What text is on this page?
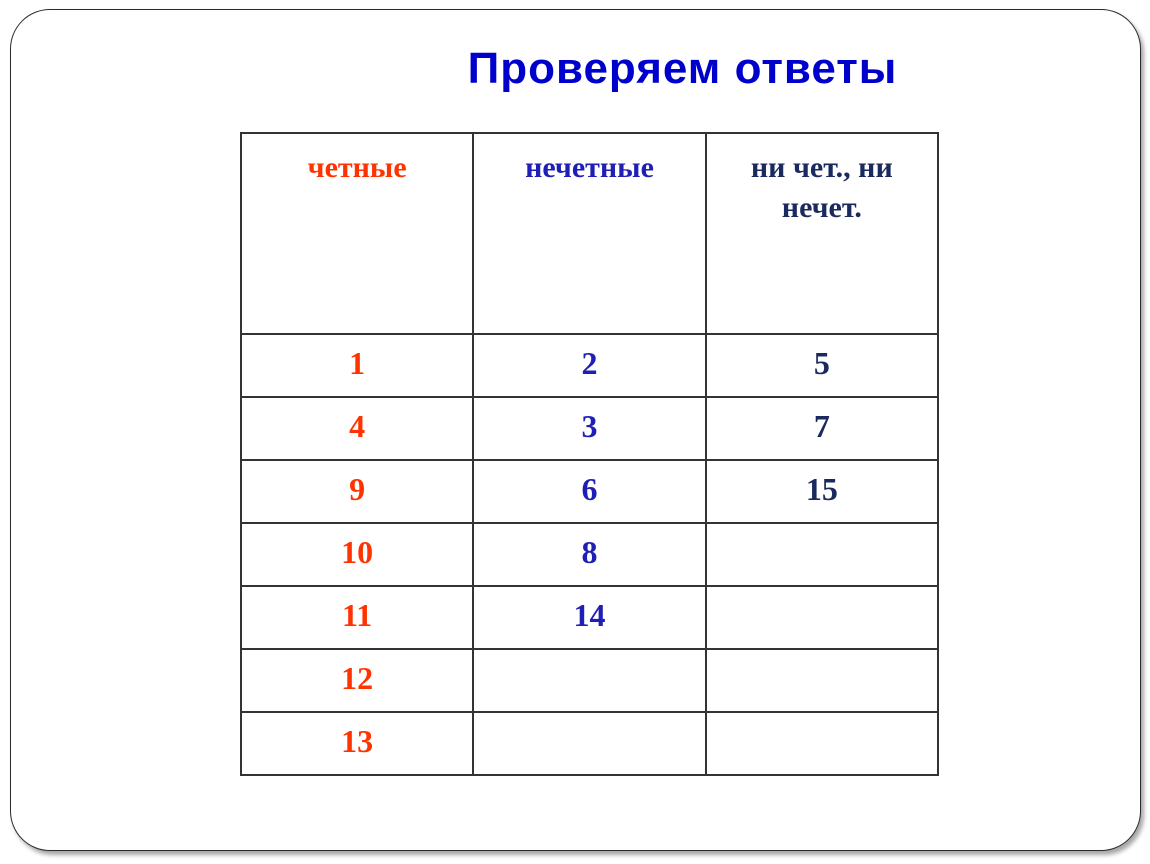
Проверяем ответы
четные	нечетные	ни чет., ни
нечет.

1	2	5
4	3	7
9	6	15
10	8	
11	14	
12		
13		
